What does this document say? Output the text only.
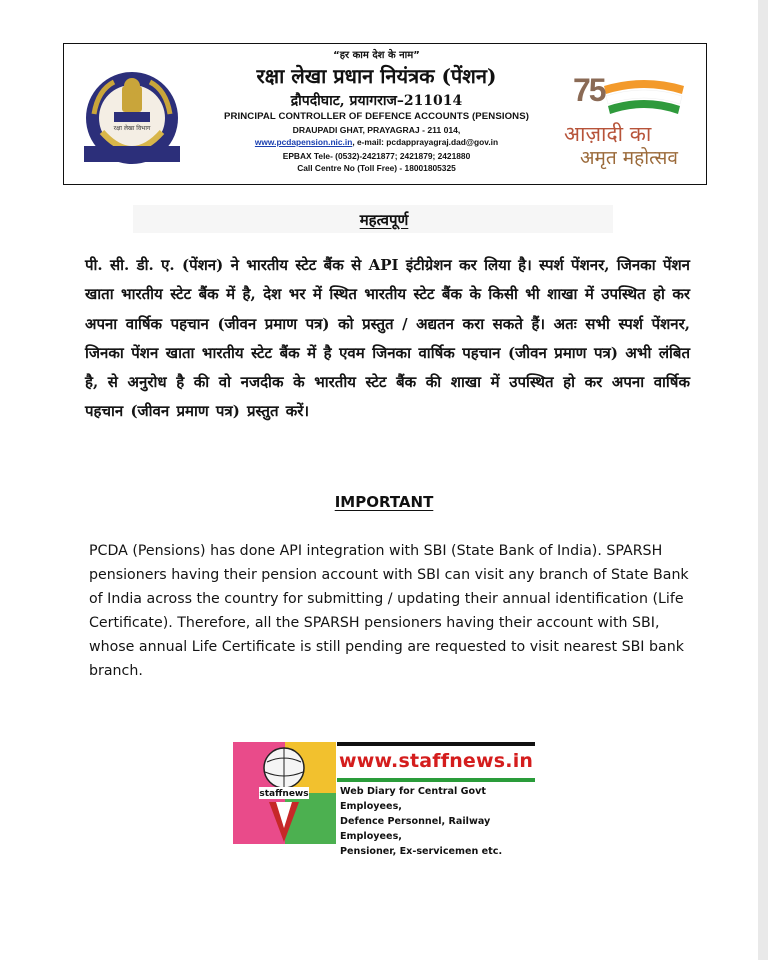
रक्षा लेखा विभाग
“हर काम देश के नाम”
रक्षा लेखा प्रधान नियंत्रक (पेंशन)
द्रौपदीघाट, प्रयागराज–211014
PRINCIPAL CONTROLLER OF DEFENCE ACCOUNTS (PENSIONS)
DRAUPADI GHAT, PRAYAGRAJ - 211 014,
www.pcdapension.nic.in, e-mail: pcdapprayagraj.dad@gov.in
EPBAX Tele- (0532)-2421877; 2421879; 2421880
Call Centre No (Toll Free) - 18001805325
75
आज़ादी का
अमृत महोत्सव
महत्वपूर्ण
पी. सी. डी. ए. (पेंशन) ने भारतीय स्टेट बैंक से API इंटीग्रेशन कर लिया है। स्पर्श पेंशनर, जिनका पेंशन खाता भारतीय स्टेट बैंक में है, देश भर में स्थित भारतीय स्टेट बैंक के किसी भी शाखा में उपस्थित हो कर अपना वार्षिक पहचान (जीवन प्रमाण पत्र) को प्रस्तुत / अद्यतन करा सकते हैं। अतः सभी स्पर्श पेंशनर, जिनका पेंशन खाता भारतीय स्टेट बैंक में है एवम जिनका वार्षिक पहचान (जीवन प्रमाण पत्र) अभी लंबित है, से अनुरोध है की वो नजदीक के भारतीय स्टेट बैंक की शाखा में उपस्थित हो कर अपना वार्षिक पहचान (जीवन प्रमाण पत्र) प्रस्तुत करें।
IMPORTANT
PCDA (Pensions) has done API integration with SBI (State Bank of India). SPARSH pensioners having their pension account with SBI can visit any branch of State Bank of India across the country for submitting / updating their annual identification (Life Certificate). Therefore, all the SPARSH pensioners having their account with SBI, whose annual Life Certificate is still pending are requested to visit nearest SBI bank branch.
staffnews
www.staffnews.in
Web Diary for Central Govt Employees,
Defence Personnel, Railway Employees,
Pensioner, Ex-servicemen etc.
